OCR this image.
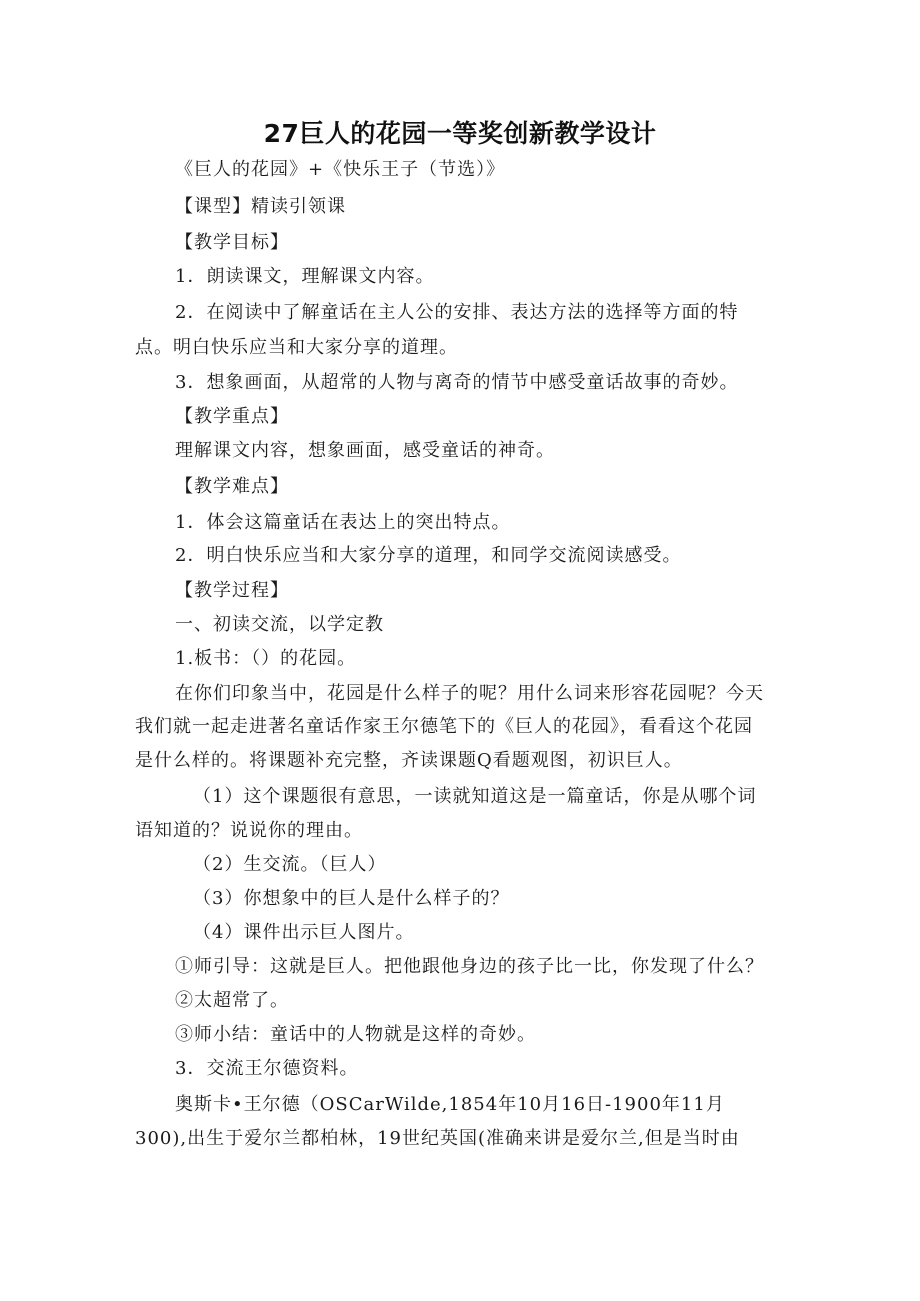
27巨人的花园一等奖创新教学设计
《巨人的花园》+《快乐王子（节选）》
【课型】精读引领课
【教学目标】
1．朗读课文，理解课文内容。
2．在阅读中了解童话在主人公的安排、表达方法的选择等方面的特
点。明白快乐应当和大家分享的道理。
3．想象画面，从超常的人物与离奇的情节中感受童话故事的奇妙。
【教学重点】
理解课文内容，想象画面，感受童话的神奇。
【教学难点】
1．体会这篇童话在表达上的突出特点。
2．明白快乐应当和大家分享的道理，和同学交流阅读感受。
【教学过程】
一、初读交流，以学定教
1.板书：（）的花园。
在你们印象当中，花园是什么样子的呢？用什么词来形容花园呢？今天
我们就一起走进著名童话作家王尔德笔下的《巨人的花园》，看看这个花园
是什么样的。将课题补充完整，齐读课题Q看题观图，初识巨人。
（1）这个课题很有意思，一读就知道这是一篇童话，你是从哪个词
语知道的？说说你的理由。
（2）生交流。（巨人）
（3）你想象中的巨人是什么样子的？
（4）课件出示巨人图片。
①师引导：这就是巨人。把他跟他身边的孩子比一比，你发现了什么？
②太超常了。
③师小结：童话中的人物就是这样的奇妙。
3．交流王尔德资料。
奥斯卡•王尔德（OSCarWilde,1854年10月16日-1900年11月
300),出生于爱尔兰都柏林，19世纪英国(准确来讲是爱尔兰,但是当时由
